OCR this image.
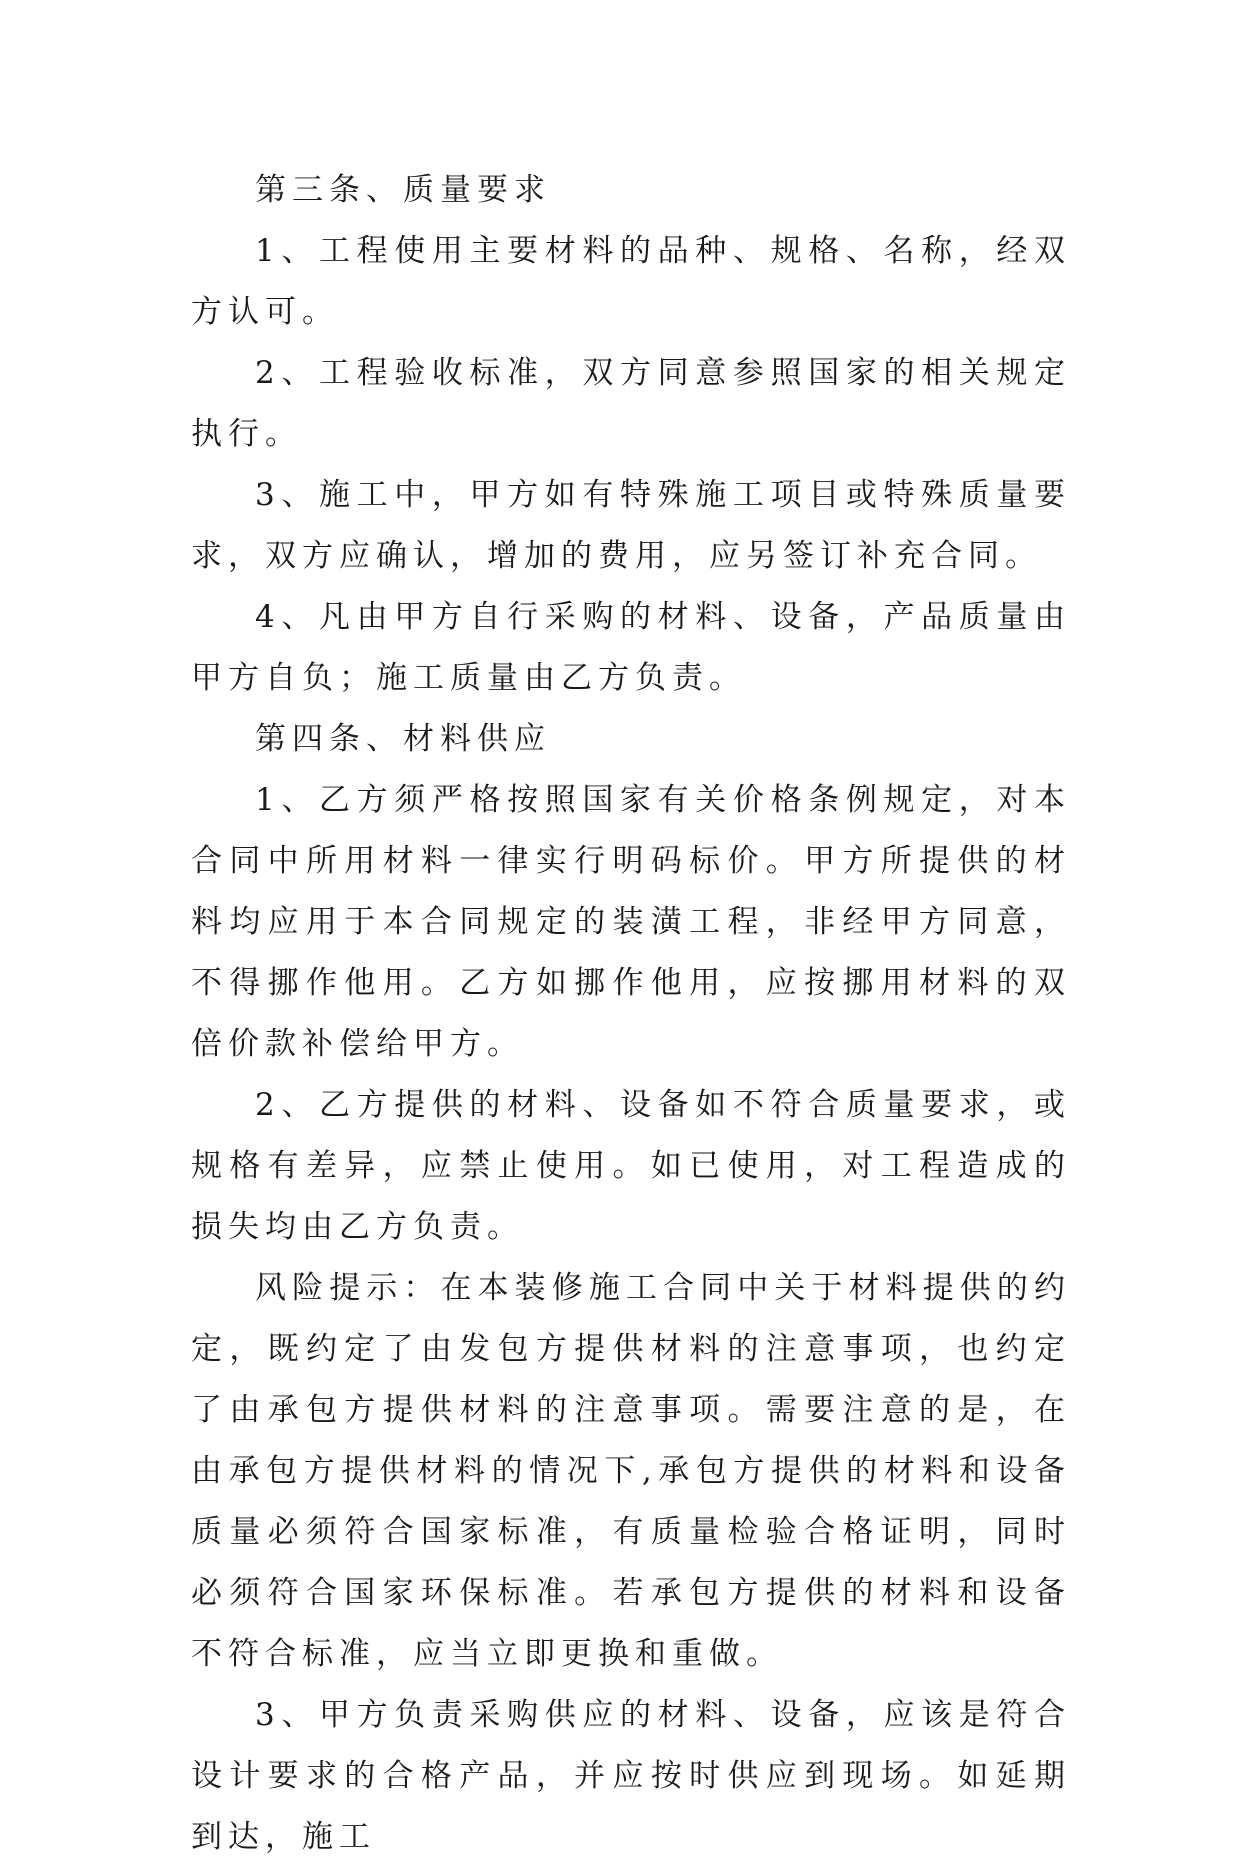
第三条、质量要求

1、工程使用主要材料的品种、规格、名称，经双方认可。

2、工程验收标准，双方同意参照国家的相关规定执行。

3、施工中，甲方如有特殊施工项目或特殊质量要求，双方应确认，增加的费用，应另签订补充合同。

4、凡由甲方自行采购的材料、设备，产品质量由甲方自负；施工质量由乙方负责。

第四条、材料供应

1、乙方须严格按照国家有关价格条例规定，对本合同中所用材料一律实行明码标价。甲方所提供的材料均应用于本合同规定的装潢工程，非经甲方同意，不得挪作他用。乙方如挪作他用，应按挪用材料的双倍价款补偿给甲方。

2、乙方提供的材料、设备如不符合质量要求，或规格有差异，应禁止使用。如已使用，对工程造成的损失均由乙方负责。

风险提示：在本装修施工合同中关于材料提供的约定，既约定了由发包方提供材料的注意事项，也约定了由承包方提供材料的注意事项。需要注意的是，在由承包方提供材料的情况下,承包方提供的材料和设备质量必须符合国家标准，有质量检验合格证明，同时必须符合国家环保标准。若承包方提供的材料和设备不符合标准，应当立即更换和重做。

3、甲方负责采购供应的材料、设备，应该是符合设计要求的合格产品，并应按时供应到现场。如延期到达，施工
